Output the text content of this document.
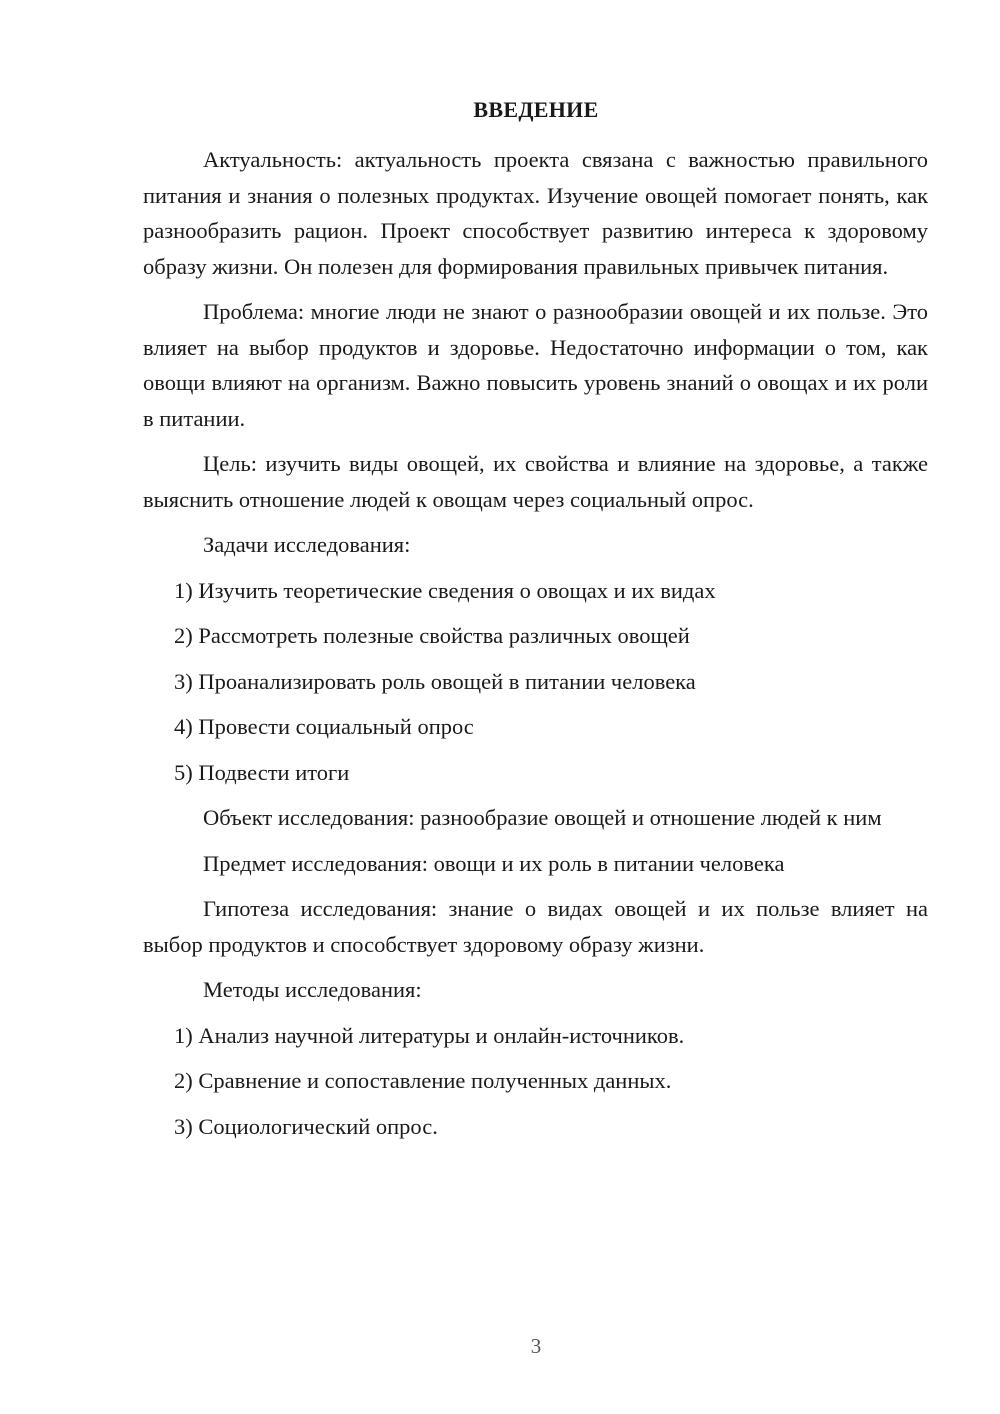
ВВЕДЕНИЕ

Актуальность: актуальность проекта связана с важностью правильного питания и знания о полезных продуктах. Изучение овощей помогает понять, как разнообразить рацион. Проект способствует развитию интереса к здоровому образу жизни. Он полезен для формирования правильных привычек питания.

Проблема: многие люди не знают о разнообразии овощей и их пользе. Это влияет на выбор продуктов и здоровье. Недостаточно информации о том, как овощи влияют на организм. Важно повысить уровень знаний о овощах и их роли в питании.

Цель: изучить виды овощей, их свойства и влияние на здоровье, а также выяснить отношение людей к овощам через социальный опрос.

Задачи исследования:

1) Изучить теоретические сведения о овощах и их видах

2) Рассмотреть полезные свойства различных овощей

3) Проанализировать роль овощей в питании человека

4) Провести социальный опрос

5) Подвести итоги

Объект исследования: разнообразие овощей и отношение людей к ним

Предмет исследования: овощи и их роль в питании человека

Гипотеза исследования: знание о видах овощей и их пользе влияет на выбор продуктов и способствует здоровому образу жизни.

Методы исследования:

1) Анализ научной литературы и онлайн-источников.

2) Сравнение и сопоставление полученных данных.

3) Социологический опрос.

3
